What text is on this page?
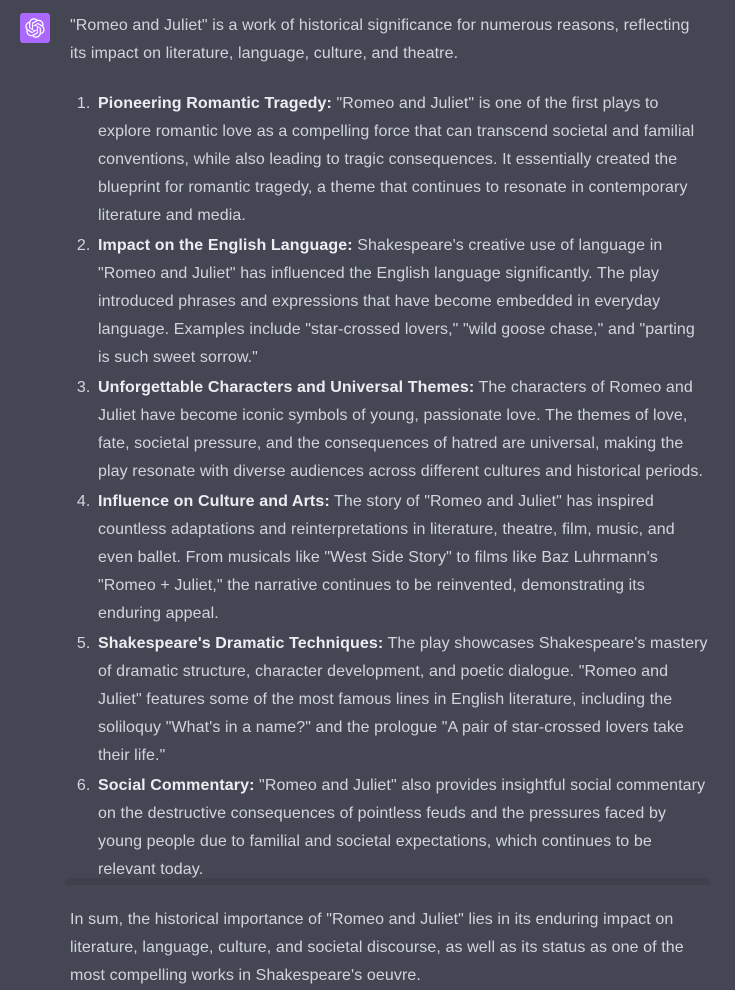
"Romeo and Juliet" is a work of historical significance for numerous reasons, reflecting its impact on literature, language, culture, and theatre.

1. Pioneering Romantic Tragedy: "Romeo and Juliet" is one of the first plays to explore romantic love as a compelling force that can transcend societal and familial conventions, while also leading to tragic consequences. It essentially created the blueprint for romantic tragedy, a theme that continues to resonate in contemporary literature and media.
2. Impact on the English Language: Shakespeare's creative use of language in "Romeo and Juliet" has influenced the English language significantly. The play introduced phrases and expressions that have become embedded in everyday language. Examples include "star-crossed lovers," "wild goose chase," and "parting is such sweet sorrow."
3. Unforgettable Characters and Universal Themes: The characters of Romeo and Juliet have become iconic symbols of young, passionate love. The themes of love, fate, societal pressure, and the consequences of hatred are universal, making the play resonate with diverse audiences across different cultures and historical periods.
4. Influence on Culture and Arts: The story of "Romeo and Juliet" has inspired countless adaptations and reinterpretations in literature, theatre, film, music, and even ballet. From musicals like "West Side Story" to films like Baz Luhrmann's "Romeo + Juliet," the narrative continues to be reinvented, demonstrating its enduring appeal.
5. Shakespeare's Dramatic Techniques: The play showcases Shakespeare's mastery of dramatic structure, character development, and poetic dialogue. "Romeo and Juliet" features some of the most famous lines in English literature, including the soliloquy "What's in a name?" and the prologue "A pair of star-crossed lovers take their life."
6. Social Commentary: "Romeo and Juliet" also provides insightful social commentary on the destructive consequences of pointless feuds and the pressures faced by young people due to familial and societal expectations, which continues to be relevant today.

In sum, the historical importance of "Romeo and Juliet" lies in its enduring impact on literature, language, culture, and societal discourse, as well as its status as one of the most compelling works in Shakespeare's oeuvre.
